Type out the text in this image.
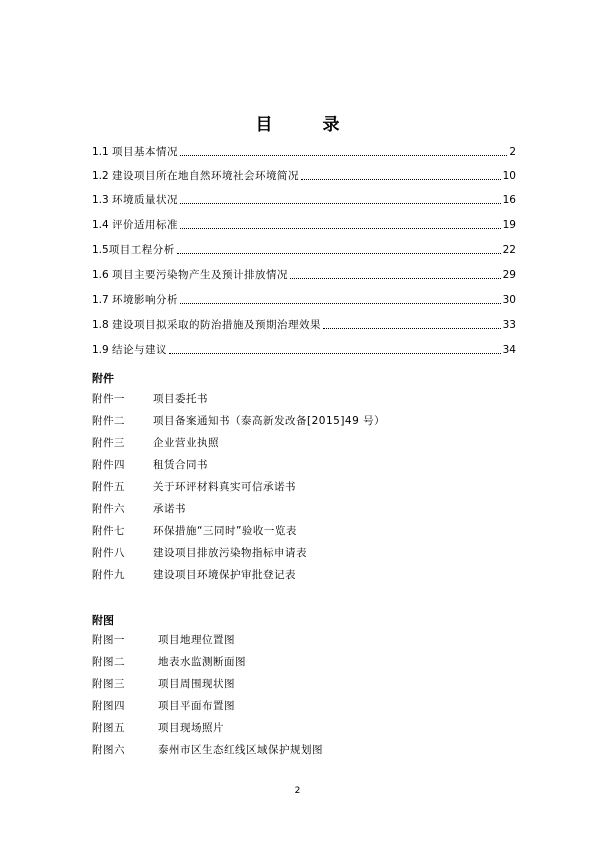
目 录
1.1 项目基本情况	2
1.2 建设项目所在地自然环境社会环境简况	10
1.3 环境质量状况	16
1.4 评价适用标准	19
1.5 项目工程分析	22
1.6 项目主要污染物产生及预计排放情况	29
1.7 环境影响分析	30
1.8 建设项目拟采取的防治措施及预期治理效果	33
1.9 结论与建议	34
附件
附件一	项目委托书
附件二	项目备案通知书（泰高新发改备[2015]49 号）
附件三	企业营业执照
附件四	租赁合同书
附件五	关于环评材料真实可信承诺书
附件六	承诺书
附件七	环保措施“三同时”验收一览表
附件八	建设项目排放污染物指标申请表
附件九	建设项目环境保护审批登记表
附图
附图一	项目地理位置图
附图二	地表水监测断面图
附图三	项目周围现状图
附图四	项目平面布置图
附图五	项目现场照片
附图六	泰州市区生态红线区域保护规划图
2
